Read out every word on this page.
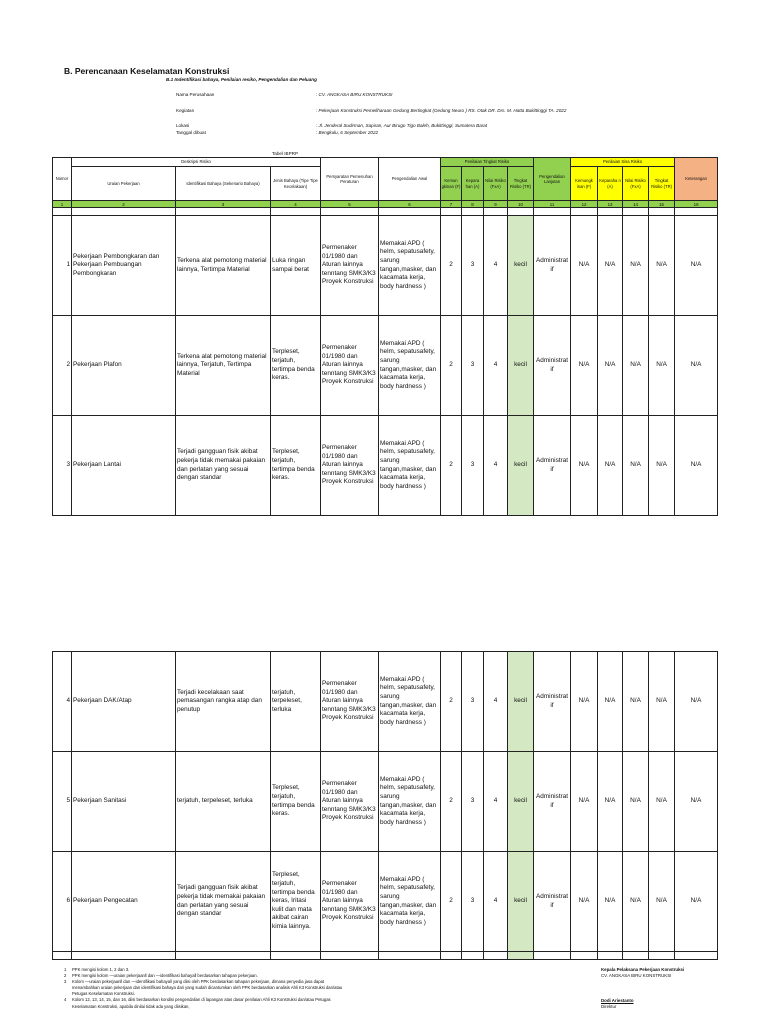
B. Perencanaan Keselamatan Konstruksi
B.1 Indentifikasi bahaya, Penilaian resiko, Pengendalian dan Peluang
Nama Perusahaan	: CV. ANGKASA BIRU KONSTRUKSI
Kegiatan	: Pekerjaan Konstruksi Pemeliharaan Gedung Bertingkat (Gedung Neuro ) RS. Otak DR. Drs. M. Hatta Bukittinggi TA. 2022
Lokasi	: Jl. Jenderal Sudirman, Sapiran, Aur Birugo Tigo Baleh, Bukittinggi, Sumatera Barat
Tanggal dibuat	: Bengkulu, 6 September 2022
Tabel IBPRP
Nomor	Deskripsi Risiko			Persyaratan Pemenuhan Peraturan	Pengendalian Awal	Penilaian Tingkat Risiko				Pengendalian Lanjutan	Penilaian Sisa Risiko				Keterangan
	Uraian Pekerjaan	Identifikasi Bahaya (Sekenario Bahaya)	Jenis Bahaya (Tipe Tipe Kecelakaan)			Kemun gkinan (F)	Kepara han (A)	Nilai Risiko (FxA)	Tingkat Risiko (TR)		Kemungk inan (F)	Keparaha n (A)	Nilai Risiko (FxA)	Tingkat Risiko (TR)	
1	2	3	4	5	6	7	8	9	10	11	12	13	14	15	16

1	Pekerjaan Pembongkaran dan Pekerjaan Pembuangan Pembongkaran	Terkena alat pemotong material lainnya, Tertimpa Material	Luka ringan sampai berat	Permenaker 01/1980 dan Aturan lainnya tenntang SMK3/K3 Proyek Konstruksi	Memakai APD ( helm, sepatusafety, sarung tangan,masker, dan kacamata kerja, body hardness )	2	3	4	kecil	Administrat if	N/A	N/A	N/A	N/A	N/A
2	Pekerjaan Plafon	Terkena alat pemotong material lainnya, Terjatuh, Tertimpa Material	Terpleset, terjatuh, tertimpa benda keras.	Permenaker 01/1980 dan Aturan lainnya tenntang SMK3/K3 Proyek Konstruksi	Memakai APD ( helm, sepatusafety, sarung tangan,masker, dan kacamata kerja, body hardness )	2	3	4	kecil	Administrat if	N/A	N/A	N/A	N/A	N/A
3	Pekerjaan Lantai	Terjadi gangguan fisik akibat pekerja tidak memakai pakaian dan perlatan yang sesuai dengan standar	Terpleset, terjatuh, tertimpa benda keras.	Permenaker 01/1980 dan Aturan lainnya tenntang SMK3/K3 Proyek Konstruksi	Memakai APD ( helm, sepatusafety, sarung tangan,masker, dan kacamata kerja, body hardness )	2	3	4	kecil	Administrat if	N/A	N/A	N/A	N/A	N/A
4	Pekerjaan DAK/Atap	Terjadi kecelakaan saat pemasangan rangka atap dan penutup	terjatuh, terpeleset, terluka	Permenaker 01/1980 dan Aturan lainnya tenntang SMK3/K3 Proyek Konstruksi	Memakai APD ( helm, sepatusafety, sarung tangan,masker, dan kacamata kerja, body hardness )	2	3	4	kecil	Administrat if	N/A	N/A	N/A	N/A	N/A
5	Pekerjaan Sanitasi	terjatuh, terpeleset, terluka	Terpleset, terjatuh, tertimpa benda keras.	Permenaker 01/1980 dan Aturan lainnya tenntang SMK3/K3 Proyek Konstruksi	Memakai APD ( helm, sepatusafety, sarung tangan,masker, dan kacamata kerja, body hardness )	2	3	4	kecil	Administrat if	N/A	N/A	N/A	N/A	N/A
6	Pekerjaan Pengecatan	Terjadi gangguan fisik akibat pekerja tidak memakai pakaian dan perlatan yang sesuai dengan standar	Terpleset, terjatuh, tertimpa benda keras, Iritasi kulit dan mata akibat cairan kimia lainnya.	Permenaker 01/1980 dan Aturan lainnya tenntang SMK3/K3 Proyek Konstruksi	Memakai APD ( helm, sepatusafety, sarung tangan,masker, dan kacamata kerja, body hardness )	2	3	4	kecil	Administrat if	N/A	N/A	N/A	N/A	N/A

1	PPK mengisi kolom 1, 2 dan 3.
2	PPK mengisi kolom ―uraian pekerjaan‖ dan ―identifikasi bahaya‖ berdasarkan tahapan pekerjaan.
3	Kolom ―uraian pekerjaan‖ dan ―identifikasi bahaya‖ yang diisi oleh PPK berdasarkan tahapan pekerjaan, dimana penyedia jasa dapat menambahkan uraian pekerjaan dan identifikasi bahaya dari yang sudah dicantumkan oleh PPK berdasarkan analisis Ahli K3 Konstruksi dan/atau Petugas Keselamatan Konstruksi.
4	Kolom 12, 13, 14, 15, dan 16, diisi berdasarkan kondisi pengendalian di lapangan atas dasar penilaian Ahli K3 Konstruksi dan/atau Petugas Keselamatan Konstruksi, apabila dinilai tidak ada yang diisikan,
Kepala Pelaksana Pekerjaan Konstruksi
CV. ANGKASA BIRU KONSTRUKSI
Dodi Ariestanto
Direktur
